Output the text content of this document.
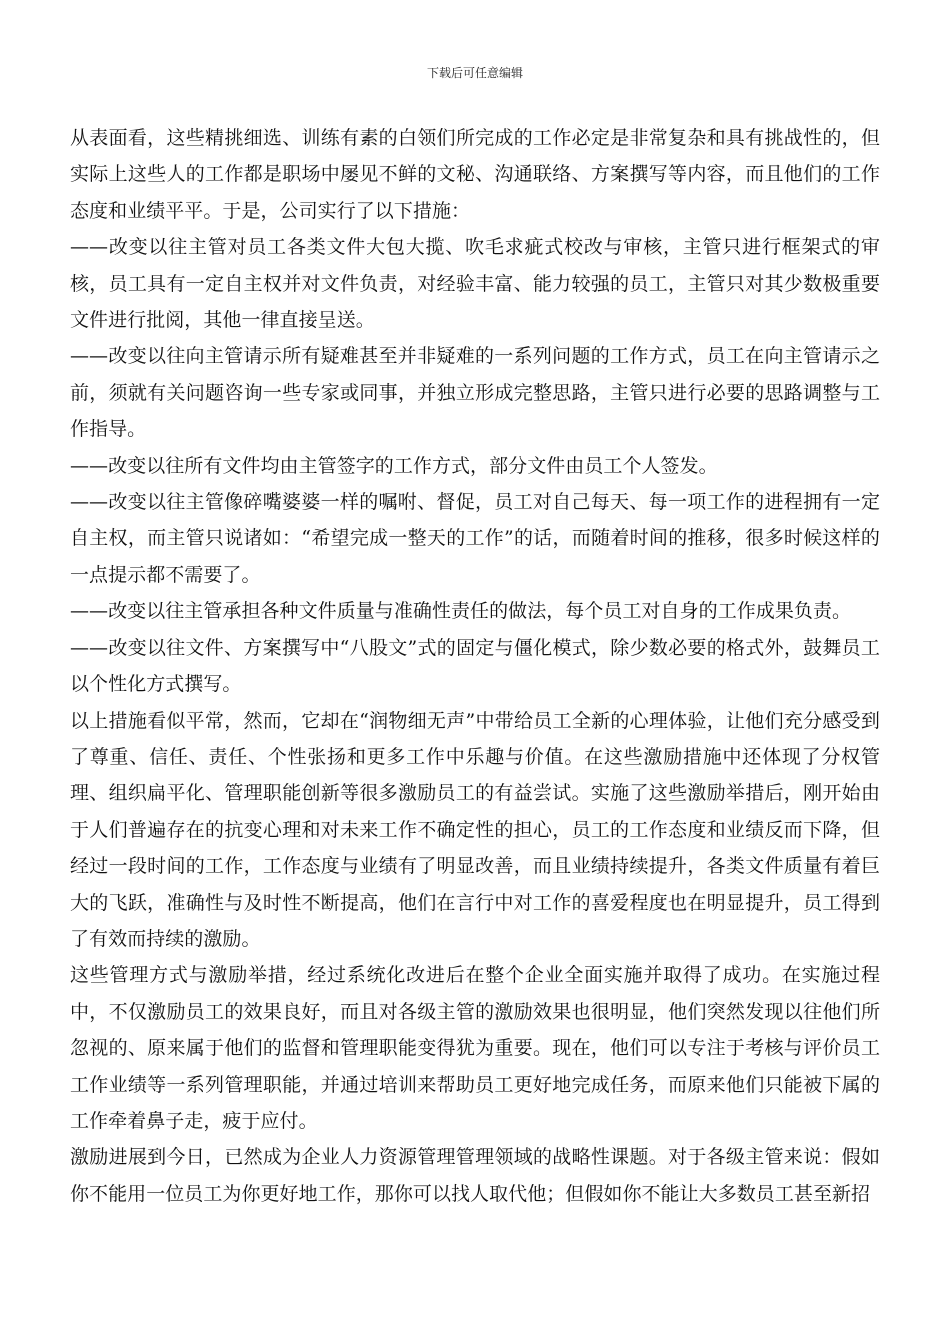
下载后可任意编辑

从表面看，这些精挑细选、训练有素的白领们所完成的工作必定是非常复杂和具有挑战性的，但实际上这些人的工作都是职场中屡见不鲜的文秘、沟通联络、方案撰写等内容，而且他们的工作态度和业绩平平。于是，公司实行了以下措施：

——改变以往主管对员工各类文件大包大揽、吹毛求疵式校改与审核，主管只进行框架式的审核，员工具有一定自主权并对文件负责，对经验丰富、能力较强的员工，主管只对其少数极重要文件进行批阅，其他一律直接呈送。

——改变以往向主管请示所有疑难甚至并非疑难的一系列问题的工作方式，员工在向主管请示之前，须就有关问题咨询一些专家或同事，并独立形成完整思路，主管只进行必要的思路调整与工作指导。

——改变以往所有文件均由主管签字的工作方式，部分文件由员工个人签发。

——改变以往主管像碎嘴婆婆一样的嘱咐、督促，员工对自己每天、每一项工作的进程拥有一定自主权，而主管只说诸如：“希望完成一整天的工作”的话，而随着时间的推移，很多时候这样的一点提示都不需要了。

——改变以往主管承担各种文件质量与准确性责任的做法，每个员工对自身的工作成果负责。

——改变以往文件、方案撰写中“八股文”式的固定与僵化模式，除少数必要的格式外，鼓舞员工以个性化方式撰写。

以上措施看似平常，然而，它却在“润物细无声”中带给员工全新的心理体验，让他们充分感受到了尊重、信任、责任、个性张扬和更多工作中乐趣与价值。在这些激励措施中还体现了分权管理、组织扁平化、管理职能创新等很多激励员工的有益尝试。实施了这些激励举措后，刚开始由于人们普遍存在的抗变心理和对未来工作不确定性的担心，员工的工作态度和业绩反而下降，但经过一段时间的工作，工作态度与业绩有了明显改善，而且业绩持续提升，各类文件质量有着巨大的飞跃，准确性与及时性不断提高，他们在言行中对工作的喜爱程度也在明显提升，员工得到了有效而持续的激励。

这些管理方式与激励举措，经过系统化改进后在整个企业全面实施并取得了成功。在实施过程中，不仅激励员工的效果良好，而且对各级主管的激励效果也很明显，他们突然发现以往他们所忽视的、原来属于他们的监督和管理职能变得犹为重要。现在，他们可以专注于考核与评价员工工作业绩等一系列管理职能，并通过培训来帮助员工更好地完成任务，而原来他们只能被下属的工作牵着鼻子走，疲于应付。

激励进展到今日，已然成为企业人力资源管理管理领域的战略性课题。对于各级主管来说：假如你不能用一位员工为你更好地工作，那你可以找人取代他；但假如你不能让大多数员工甚至新招
